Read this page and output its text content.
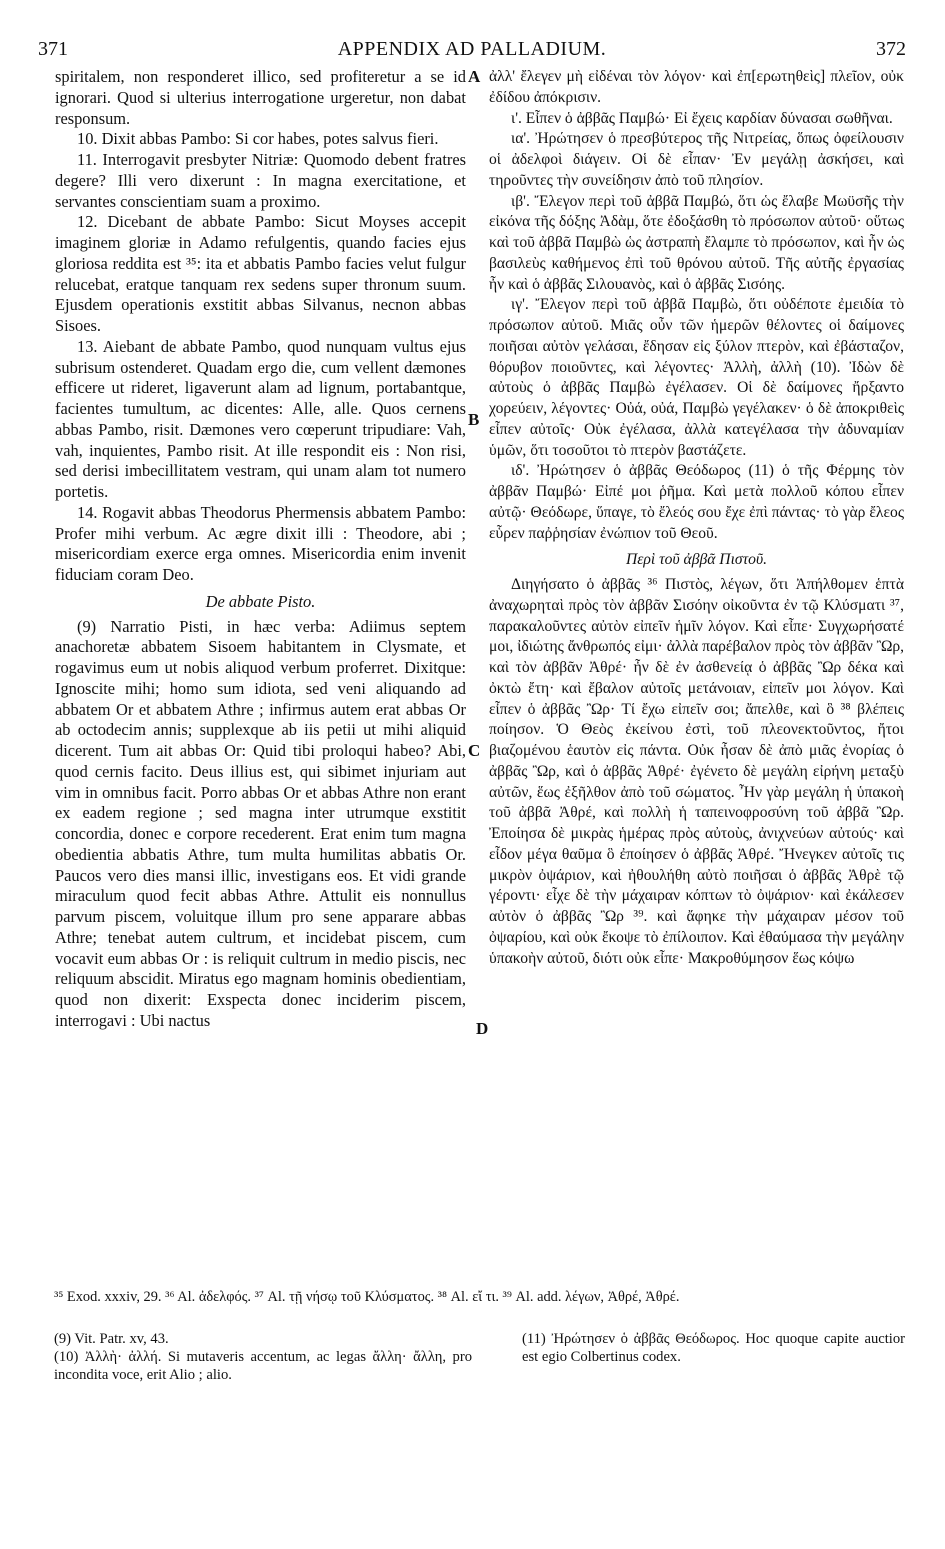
371	APPENDIX AD PALLADIUM.	372

spiritalem, non responderet illico, sed profiteretur a se id ignorari. Quod si ulterius interrogatione urgeretur, non dabat responsum.

10. Dixit abbas Pambo: Si cor habes, potes salvus fieri.

11. Interrogavit presbyter Nitriæ: Quomodo debent fratres degere? Illi vero dixerunt : In magna exercitatione, et servantes conscientiam suam a proximo.

12. Dicebant de abbate Pambo: Sicut Moyses accepit imaginem gloriæ in Adamo refulgentis, quando facies ejus gloriosa reddita est ³⁵: ita et abbatis Pambo facies velut fulgur relucebat, eratque tanquam rex sedens super thronum suum. Ejusdem operationis exstitit abbas Silvanus, necnon abbas Sisoes.

13. Aiebant de abbate Pambo, quod nunquam vultus ejus subrisum ostenderet. Quadam ergo die, cum vellent dæmones efficere ut rideret, ligaverunt alam ad lignum, portabantque, facientes tumultum, ac dicentes: Alle, alle. Quos cernens abbas Pambo, risit. Dæmones vero cœperunt tripudiare: Vah, vah, inquientes, Pambo risit. At ille respondit eis : Non risi, sed derisi imbecillitatem vestram, qui unam alam tot numero portetis.

14. Rogavit abbas Theodorus Phermensis abbatem Pambo: Profer mihi verbum. Ac ægre dixit illi : Theodore, abi ; misericordiam exerce erga omnes. Misericordia enim invenit fiduciam coram Deo.

De abbate Pisto.

(9) Narratio Pisti, in hæc verba: Adiimus septem anachoretæ abbatem Sisoem habitantem in Clysmate, et rogavimus eum ut nobis aliquod verbum proferret. Dixitque: Ignoscite mihi; homo sum idiota, sed veni aliquando ad abbatem Or et abbatem Athre ; infirmus autem erat abbas Or ab octodecim annis; supplexque ab iis petii ut mihi aliquid dicerent. Tum ait abbas Or: Quid tibi proloqui habeo? Abi, quod cernis facito. Deus illius est, qui sibimet injuriam aut vim in omnibus facit. Porro abbas Or et abbas Athre non erant ex eadem regione ; sed magna inter utrumque exstitit concordia, donec e corpore recederent. Erat enim tum magna obedientia abbatis Athre, tum multa humilitas abbatis Or. Paucos vero dies mansi illic, investigans eos. Et vidi grande miraculum quod fecit abbas Athre. Attulit eis nonnullus parvum piscem, voluitque illum pro sene apparare abbas Athre; tenebat autem cultrum, et incidebat piscem, cum vocavit eum abbas Or : is reliquit cultrum in medio piscis, nec reliquum abscidit. Miratus ego magnam hominis obedientiam, quod non dixerit: Exspecta donec inciderim piscem, interrogavi : Ubi nactus

ἀλλ' ἔλεγεν μὴ εἰδέναι τὸν λόγον· καὶ ἐπ[ερωτηθεὶς] πλεῖον, οὐκ ἐδίδου ἀπόκρισιν.

ι'. Εἶπεν ὁ ἀββᾶς Παμβώ· Εἰ ἔχεις καρδίαν δύνασαι σωθῆναι.

ια'. Ἠρώτησεν ὁ πρεσβύτερος τῆς Νιτρείας, ὅπως ὀφείλουσιν οἱ ἀδελφοὶ διάγειν. Οἱ δὲ εἶπαν· Ἐν μεγάλῃ ἀσκήσει, καὶ τηροῦντες τὴν συνείδησιν ἀπὸ τοῦ πλησίον.

ιβ'. Ἔλεγον περὶ τοῦ ἀββᾶ Παμβώ, ὅτι ὡς ἔλαβε Μωϋσῆς τὴν εἰκόνα τῆς δόξης Ἀδὰμ, ὅτε ἐδοξάσθη τὸ πρόσωπον αὐτοῦ· οὕτως καὶ τοῦ ἀββᾶ Παμβὼ ὡς ἀστραπὴ ἔλαμπε τὸ πρόσωπον, καὶ ἦν ὡς βασιλεὺς καθήμενος ἐπὶ τοῦ θρόνου αὐτοῦ. Τῆς αὐτῆς ἐργασίας ἦν καὶ ὁ ἀββᾶς Σιλουανὸς, καὶ ὁ ἀββᾶς Σισόης.

ιγ'. Ἔλεγον περὶ τοῦ ἀββᾶ Παμβὼ, ὅτι οὐδέποτε ἐμειδία τὸ πρόσωπον αὐτοῦ. Μιᾶς οὖν τῶν ἡμερῶν θέλοντες οἱ δαίμονες ποιῆσαι αὐτὸν γελάσαι, ἔδησαν εἰς ξύλον πτερὸν, καὶ ἐβάσταζον, θόρυβον ποιοῦντες, καὶ λέγοντες· Ἀλλὴ, ἀλλὴ (10). Ἰδὼν δὲ αὐτοὺς ὁ ἀββᾶς Παμβὼ ἐγέλασεν. Οἱ δὲ δαίμονες ἤρξαντο χορεύειν, λέγοντες· Οὐά, οὐά, Παμβὼ γεγέλακεν· ὁ δὲ ἀποκριθεὶς εἶπεν αὐτοῖς· Οὐκ ἐγέλασα, ἀλλὰ κατεγέλασα τὴν ἀδυναμίαν ὑμῶν, ὅτι τοσοῦτοι τὸ πτερὸν βαστάζετε.

ιδ'. Ἠρώτησεν ὁ ἀββᾶς Θεόδωρος (11) ὁ τῆς Φέρμης τὸν ἀββᾶν Παμβώ· Εἰπέ μοι ῥῆμα. Καὶ μετὰ πολλοῦ κόπου εἶπεν αὐτῷ· Θεόδωρε, ὕπαγε, τὸ ἔλεός σου ἔχε ἐπὶ πάντας· τὸ γὰρ ἔλεος εὗρεν παῤῥησίαν ἐνώπιον τοῦ Θεοῦ.

Περὶ τοῦ ἀββᾶ Πιστοῦ.

Διηγήσατο ὁ ἀββᾶς ³⁶ Πιστὸς, λέγων, ὅτι Ἀπήλθομεν ἑπτὰ ἀναχωρηταὶ πρὸς τὸν ἀββᾶν Σισόην οἰκοῦντα ἐν τῷ Κλύσματι ³⁷, παρακαλοῦντες αὐτὸν εἰπεῖν ἡμῖν λόγον. Καὶ εἶπε· Συγχωρήσατέ μοι, ἰδιώτης ἄνθρωπός εἰμι· ἀλλὰ παρέβαλον πρὸς τὸν ἀββᾶν Ὢρ, καὶ τὸν ἀββᾶν Ἀθρέ· ἦν δὲ ἐν ἀσθενείᾳ ὁ ἀββᾶς Ὢρ δέκα καὶ ὀκτὼ ἔτη· καὶ ἔβαλον αὐτοῖς μετάνοιαν, εἰπεῖν μοι λόγον. Καὶ εἶπεν ὁ ἀββᾶς Ὢρ· Τί ἔχω εἰπεῖν σοι; ἄπελθε, καὶ ὃ ³⁸ βλέπεις ποίησον. Ὁ Θεὸς ἐκείνου ἐστὶ, τοῦ πλεονεκτοῦντος, ἤτοι βιαζομένου ἑαυτὸν εἰς πάντα. Οὐκ ἦσαν δὲ ἀπὸ μιᾶς ἐνορίας ὁ ἀββᾶς Ὢρ, καὶ ὁ ἀββᾶς Ἀθρέ· ἐγένετο δὲ μεγάλη εἰρήνη μεταξὺ αὐτῶν, ἕως ἐξῆλθον ἀπὸ τοῦ σώματος. Ἦν γὰρ μεγάλη ἡ ὑπακοὴ τοῦ ἀββᾶ Ἀθρέ, καὶ πολλὴ ἡ ταπεινοφροσύνη τοῦ ἀββᾶ Ὢρ. Ἐποίησα δὲ μικρὰς ἡμέρας πρὸς αὐτοὺς, ἀνιχνεύων αὐτούς· καὶ εἶδον μέγα θαῦμα ὃ ἐποίησεν ὁ ἀββᾶς Ἀθρέ. Ἤνεγκεν αὐτοῖς τις μικρὸν ὀψάριον, καὶ ἠθουλήθη αὐτὸ ποιῆσαι ὁ ἀββᾶς Ἀθρὲ τῷ γέροντι· εἶχε δὲ τὴν μάχαιραν κόπτων τὸ ὀψάριον· καὶ ἐκάλεσεν αὐτὸν ὁ ἀββᾶς Ὢρ ³⁹. καὶ ἄφηκε τὴν μάχαιραν μέσον τοῦ ὀψαρίου, καὶ οὐκ ἔκοψε τὸ ἐπίλοιπον. Καὶ ἐθαύμασα τὴν μεγάλην ὑπακοὴν αὐτοῦ, διότι οὐκ εἶπε· Μακροθύμησον ἕως κόψω

A
B
C
D
³⁵ Exod. xxxiv, 29. ³⁶ Al. ἀδελφός. ³⁷ Al. τῇ νήσῳ τοῦ Κλύσματος. ³⁸ Al. εἴ τι. ³⁹ Al. add. λέγων, Ἀθρέ, Ἀθρέ.

(9) Vit. Patr. xv, 43.

(10) Ἀλλὴ· ἀλλή. Si mutaveris accentum, ac legas ἄλλη· ἄλλη, pro incondita voce, erit Alio ; alio.

(11) Ἠρώτησεν ὁ ἀββᾶς Θεόδωρος. Hoc quoque capite auctior est egio Colbertinus codex.
